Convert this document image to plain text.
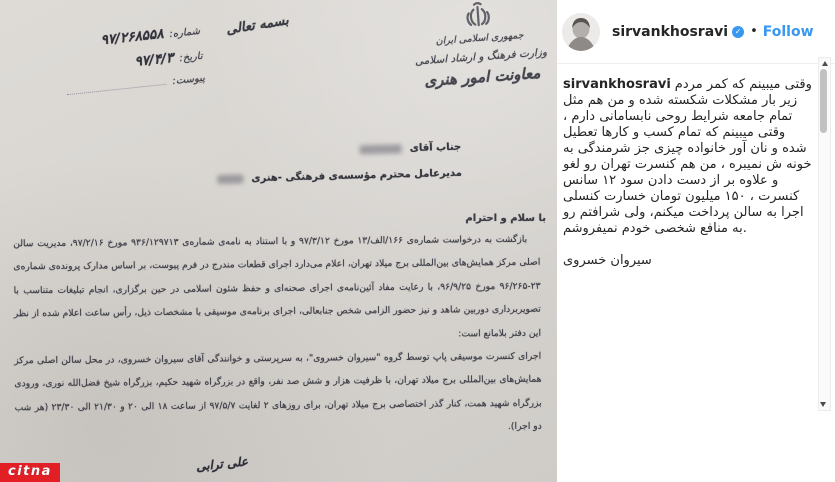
شماره:
۹۷/۲۶۸۵۵۸
تاریخ:
۹۷/۴/۳
پیوست:
بسمه تعالی
جمهوری اسلامی ایران
وزارت فرهنگ و ارشاد اسلامی
معاونت امور هنری
جناب آقای
مدیرعامل محترم مؤسسه‌ی فرهنگی -هنری
با سلام و احترام

بازگشت به درخواست شماره‌ی ۱۶۶/الف/۱۳ مورخ ۹۷/۳/۱۲ و با استناد به نامه‌ی شماره‌ی ۹۳۶/۱۲۹۷۱۳ مورخ ۹۷/۲/۱۶، مدیریت سالن اصلی مرکز همایش‌های بین‌المللی برج میلاد تهران، اعلام می‌دارد اجرای قطعات مندرج در فرم پیوست، بر اساس مدارک پرونده‌ی شماره‌ی ۲۳-۹۶/۲۶۵ مورخ ۹۶/۹/۲۵، با رعایت مفاد آئین‌نامه‌ی اجرای صحنه‌ای و حفظ شئون اسلامی در حین برگزاری، انجام تبلیغات متناسب با تصویربرداری دوربین شاهد و نیز حضور الزامی شخص جنابعالی، اجرای برنامه‌ی موسیقی با مشخصات ذیل، رأس ساعت اعلام شده از نظر این دفتر بلامانع است:

اجرای کنسرت موسیقی پاپ توسط گروه "سیروان خسروی"، به سرپرستی و خوانندگی آقای سیروان خسروی، در محل سالن اصلی مرکز همایش‌های بین‌المللی برج میلاد تهران، با ظرفیت هزار و شش صد نفر، واقع در بزرگراه شهید حکیم، بزرگراه شیخ فضل‌الله نوری، ورودی بزرگراه شهید همت، کنار گذر اختصاصی برج میلاد تهران، برای روزهای ۲ لغایت ۹۷/۵/۷ از ساعت ۱۸ الی ۲۰ و ۲۱/۳۰ الی ۲۳/۳۰ (هر شب دو اجرا).

علی ترابی
citna
sirvankhosravi ✓ • Follow
sirvankhosravi وقتی میبینم که کمر مردم زیر بار مشکلات شکسته شده و من هم مثل تمام جامعه شرایط روحی نابسامانی دارم ، وقتی میبینم که تمام کسب و کارها تعطیل شده و نان آور خانواده چیزی جز شرمندگی به خونه ش نمیبره ، من هم کنسرت تهران رو لغو و علاوه بر از دست دادن سود ۱۲ سانس کنسرت ، ۱۵۰ میلیون تومان خسارت کنسلی اجرا به سالن پرداخت میکنم، ولی شرافتم رو به منافع شخصی خودم نمیفروشم.
سیروان خسروی
